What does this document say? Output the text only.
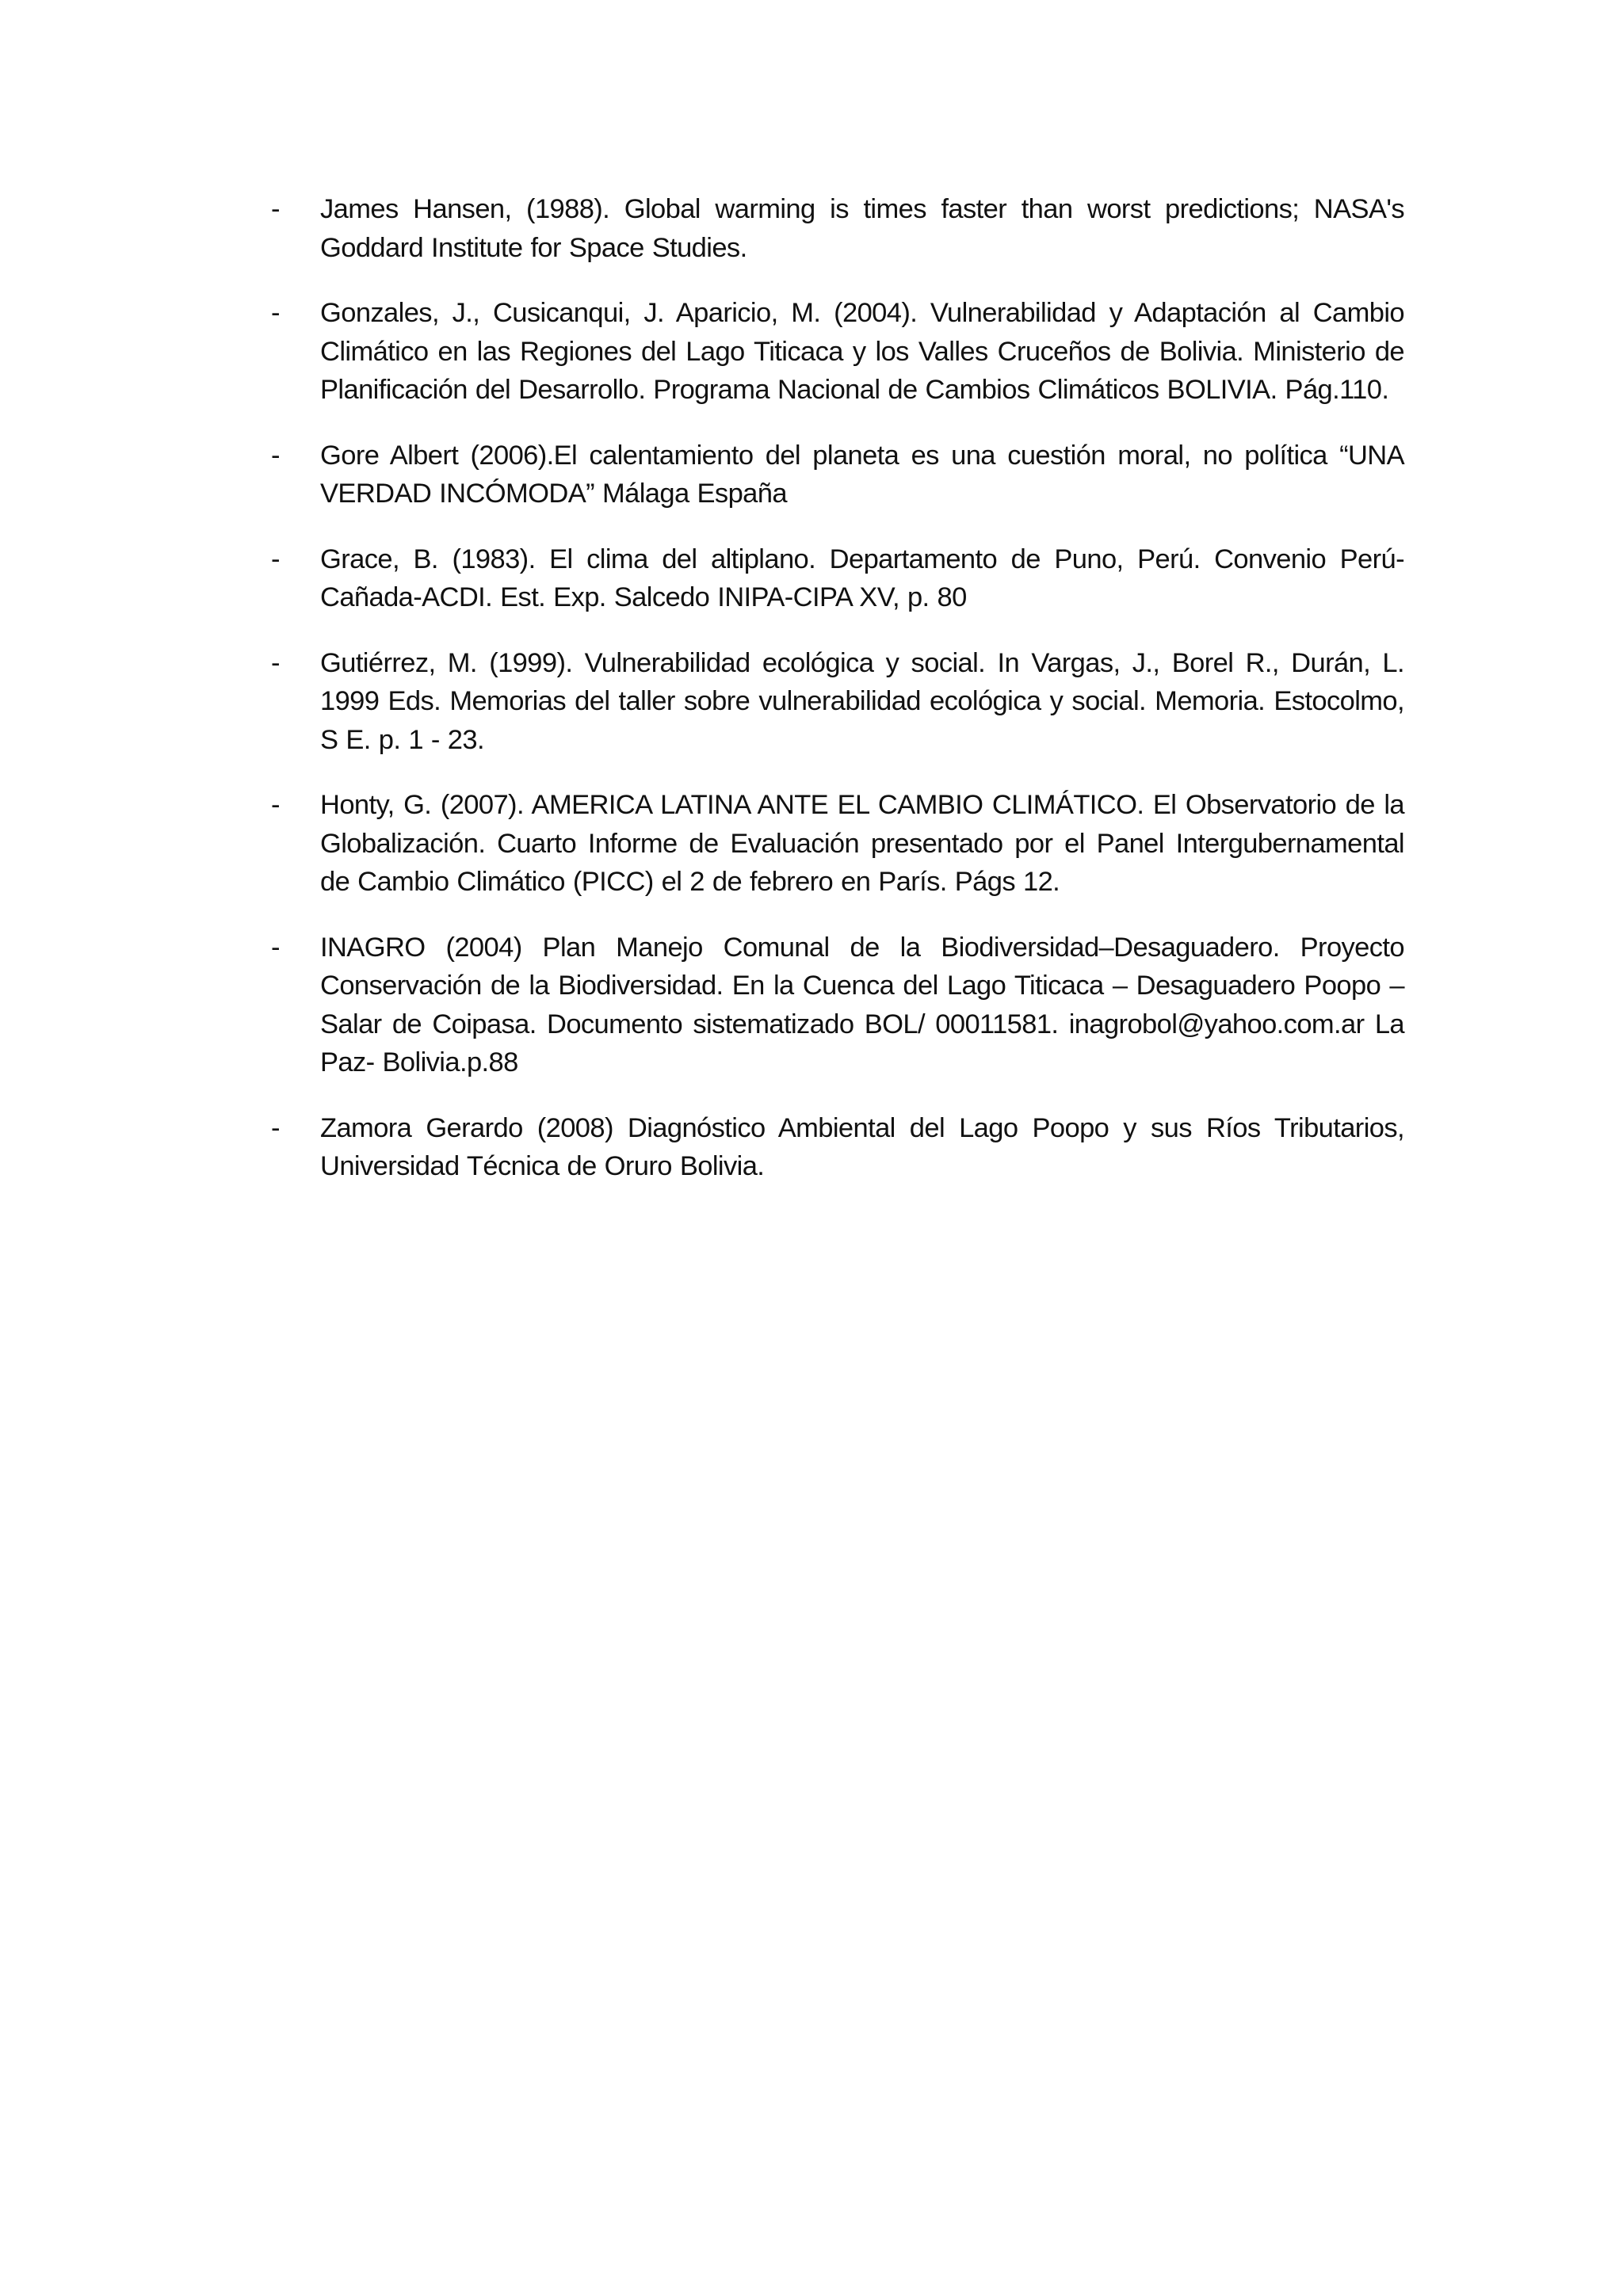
-	James Hansen, (1988). Global warming is times faster than worst predictions; NASA's Goddard Institute for Space Studies.
-	Gonzales, J., Cusicanqui, J. Aparicio, M. (2004). Vulnerabilidad y Adaptación al Cambio Climático en las Regiones del Lago Titicaca y los Valles Cruceños de Bolivia. Ministerio de Planificación del Desarrollo. Programa Nacional de Cambios Climáticos BOLIVIA. Pág.110.
-	Gore Albert (2006).El calentamiento del planeta es una cuestión moral, no política “UNA VERDAD INCÓMODA” Málaga España
-	Grace, B. (1983). El clima del altiplano. Departamento de Puno, Perú. Convenio Perú-Cañada-ACDI. Est. Exp. Salcedo INIPA-CIPA XV, p. 80
-	Gutiérrez, M. (1999). Vulnerabilidad ecológica y social. In Vargas, J., Borel R., Durán, L. 1999 Eds. Memorias del taller sobre vulnerabilidad ecológica y social. Memoria. Estocolmo, S E. p. 1 - 23.
-	Honty, G. (2007). AMERICA LATINA ANTE EL CAMBIO CLIMÁTICO. El Observatorio de la Globalización. Cuarto Informe de Evaluación presentado por el Panel Intergubernamental de Cambio Climático (PICC) el 2 de febrero en París. Págs 12.
-	INAGRO (2004) Plan Manejo Comunal de la Biodiversidad–Desaguadero. Proyecto Conservación de la Biodiversidad. En la Cuenca del Lago Titicaca – Desaguadero Poopo – Salar de Coipasa. Documento sistematizado BOL/ 00011581. inagrobol@yahoo.com.ar La Paz- Bolivia.p.88
-	Zamora Gerardo (2008) Diagnóstico Ambiental del Lago Poopo y sus Ríos Tributarios, Universidad Técnica de Oruro Bolivia.
